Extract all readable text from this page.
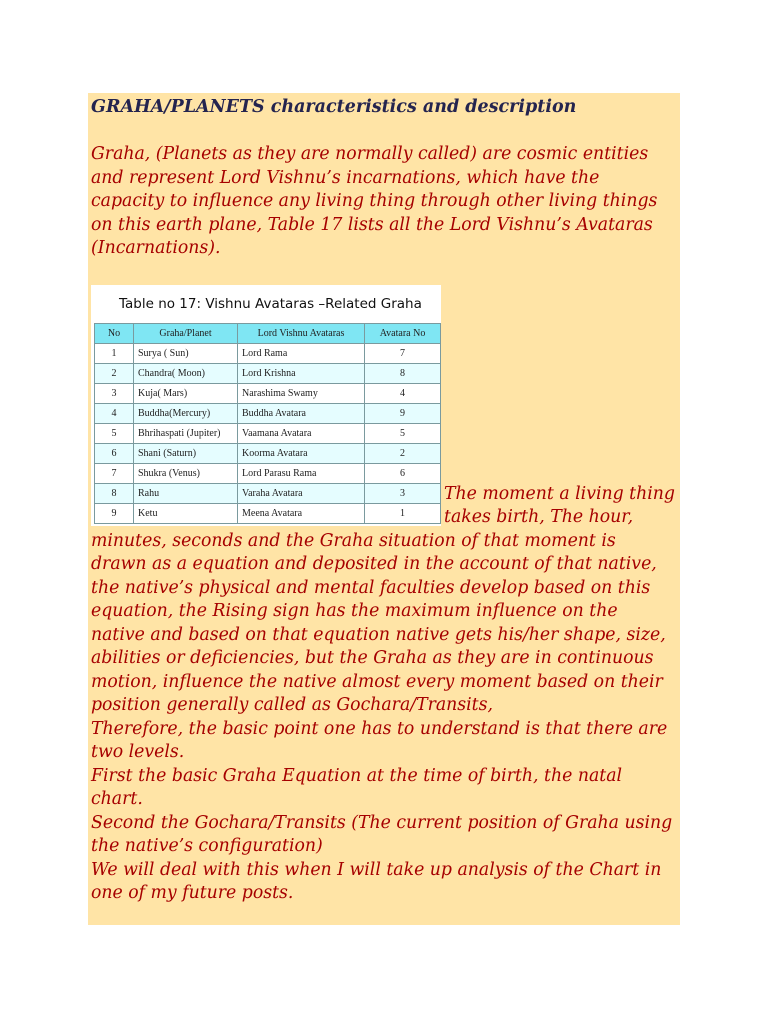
GRAHA/PLANETS characteristics and description

Graha, (Planets as they are normally called) are cosmic entities and represent Lord Vishnu’s incarnations, which have the capacity to influence any living thing through other living things on this earth plane, Table 17 lists all the Lord Vishnu’s Avataras (Incarnations).

Table no 17: Vishnu Avataras –Related Graha
No	Graha/Planet	Lord Vishnu Avataras	Avatara No
1	Surya ( Sun)	Lord Rama	7
2	Chandra( Moon)	Lord Krishna	8
3	Kuja( Mars)	Narashima Swamy	4
4	Buddha(Mercury)	Buddha Avatara	9
5	Bhrihaspati (Jupiter)	Vaamana Avatara	5
6	Shani (Saturn)	Koorma Avatara	2
7	Shukra (Venus)	Lord Parasu Rama	6
8	Rahu	Varaha Avatara	3
9	Ketu	Meena Avatara	1

The moment a living thing takes birth, The hour, minutes, seconds and the Graha situation of that moment is drawn as a equation and deposited in the account of that native, the native’s physical and mental faculties develop based on this equation, the Rising sign has the maximum influence on the native and based on that equation native gets his/her shape, size, abilities or deficiencies, but the Graha as they are in continuous motion, influence the native almost every moment based on their position generally called as Gochara/Transits,

Therefore, the basic point one has to understand is that there are two levels.

First the basic Graha Equation at the time of birth, the natal chart.

Second the Gochara/Transits (The current position of Graha using the native’s configuration)

We will deal with this when I will take up analysis of the Chart in one of my future posts.
